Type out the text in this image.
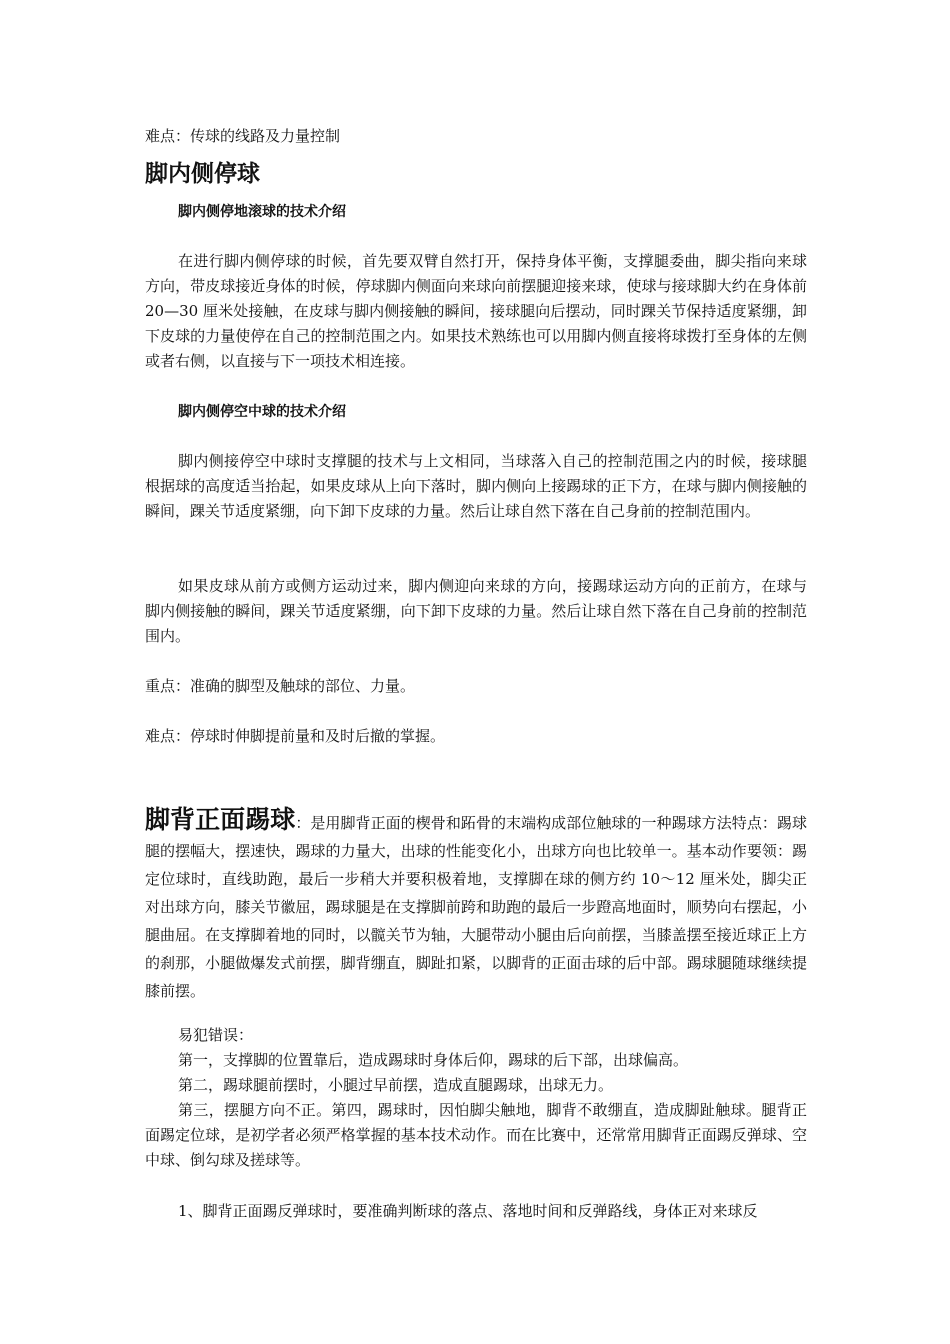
难点：传球的线路及力量控制

脚内侧停球
脚内侧停地滚球的技术介绍

在进行脚内侧停球的时候，首先要双臂自然打开，保持身体平衡，支撑腿委曲，脚尖指向来球方向，带皮球接近身体的时候，停球脚内侧面向来球向前摆腿迎接来球，使球与接球脚大约在身体前 20—30 厘米处接触，在皮球与脚内侧接触的瞬间，接球腿向后摆动，同时踝关节保持适度紧绷，卸下皮球的力量使停在自己的控制范围之内。如果技术熟练也可以用脚内侧直接将球拨打至身体的左侧或者右侧，以直接与下一项技术相连接。

脚内侧停空中球的技术介绍

脚内侧接停空中球时支撑腿的技术与上文相同，当球落入自己的控制范围之内的时候，接球腿根据球的高度适当抬起，如果皮球从上向下落时，脚内侧向上接踢球的正下方，在球与脚内侧接触的瞬间，踝关节适度紧绷，向下卸下皮球的力量。然后让球自然下落在自己身前的控制范围内。

如果皮球从前方或侧方运动过来，脚内侧迎向来球的方向，接踢球运动方向的正前方，在球与脚内侧接触的瞬间，踝关节适度紧绷，向下卸下皮球的力量。然后让球自然下落在自己身前的控制范围内。

重点：准确的脚型及触球的部位、力量。

难点：停球时伸脚提前量和及时后撤的掌握。

脚背正面踢球：是用脚背正面的楔骨和跖骨的末端构成部位触球的一种踢球方法特点：踢球腿的摆幅大，摆速快，踢球的力量大，出球的性能变化小，出球方向也比较单一。基本动作要领：踢定位球时，直线助跑，最后一步稍大并要积极着地，支撑脚在球的侧方约 10～12 厘米处，脚尖正对出球方向，膝关节徽屈，踢球腿是在支撑脚前跨和助跑的最后一步蹬高地面时，顺势向右摆起，小腿曲屈。在支撑脚着地的同时，以髋关节为轴，大腿带动小腿由后向前摆，当膝盖摆至接近球正上方的刹那，小腿做爆发式前摆，脚背绷直，脚趾扣紧，以脚背的正面击球的后中部。踢球腿随球继续提膝前摆。

易犯错误：

第一，支撑脚的位置靠后，造成踢球时身体后仰，踢球的后下部，出球偏高。

第二，踢球腿前摆时，小腿过早前摆，造成直腿踢球，出球无力。

第三，摆腿方向不正。第四，踢球时，因怕脚尖触地，脚背不敢绷直，造成脚趾触球。腿背正面踢定位球，是初学者必须严格掌握的基本技术动作。而在比赛中，还常常用脚背正面踢反弹球、空中球、倒勾球及搓球等。

1、脚背正面踢反弹球时，要准确判断球的落点、落地时间和反弹路线，身体正对来球反
